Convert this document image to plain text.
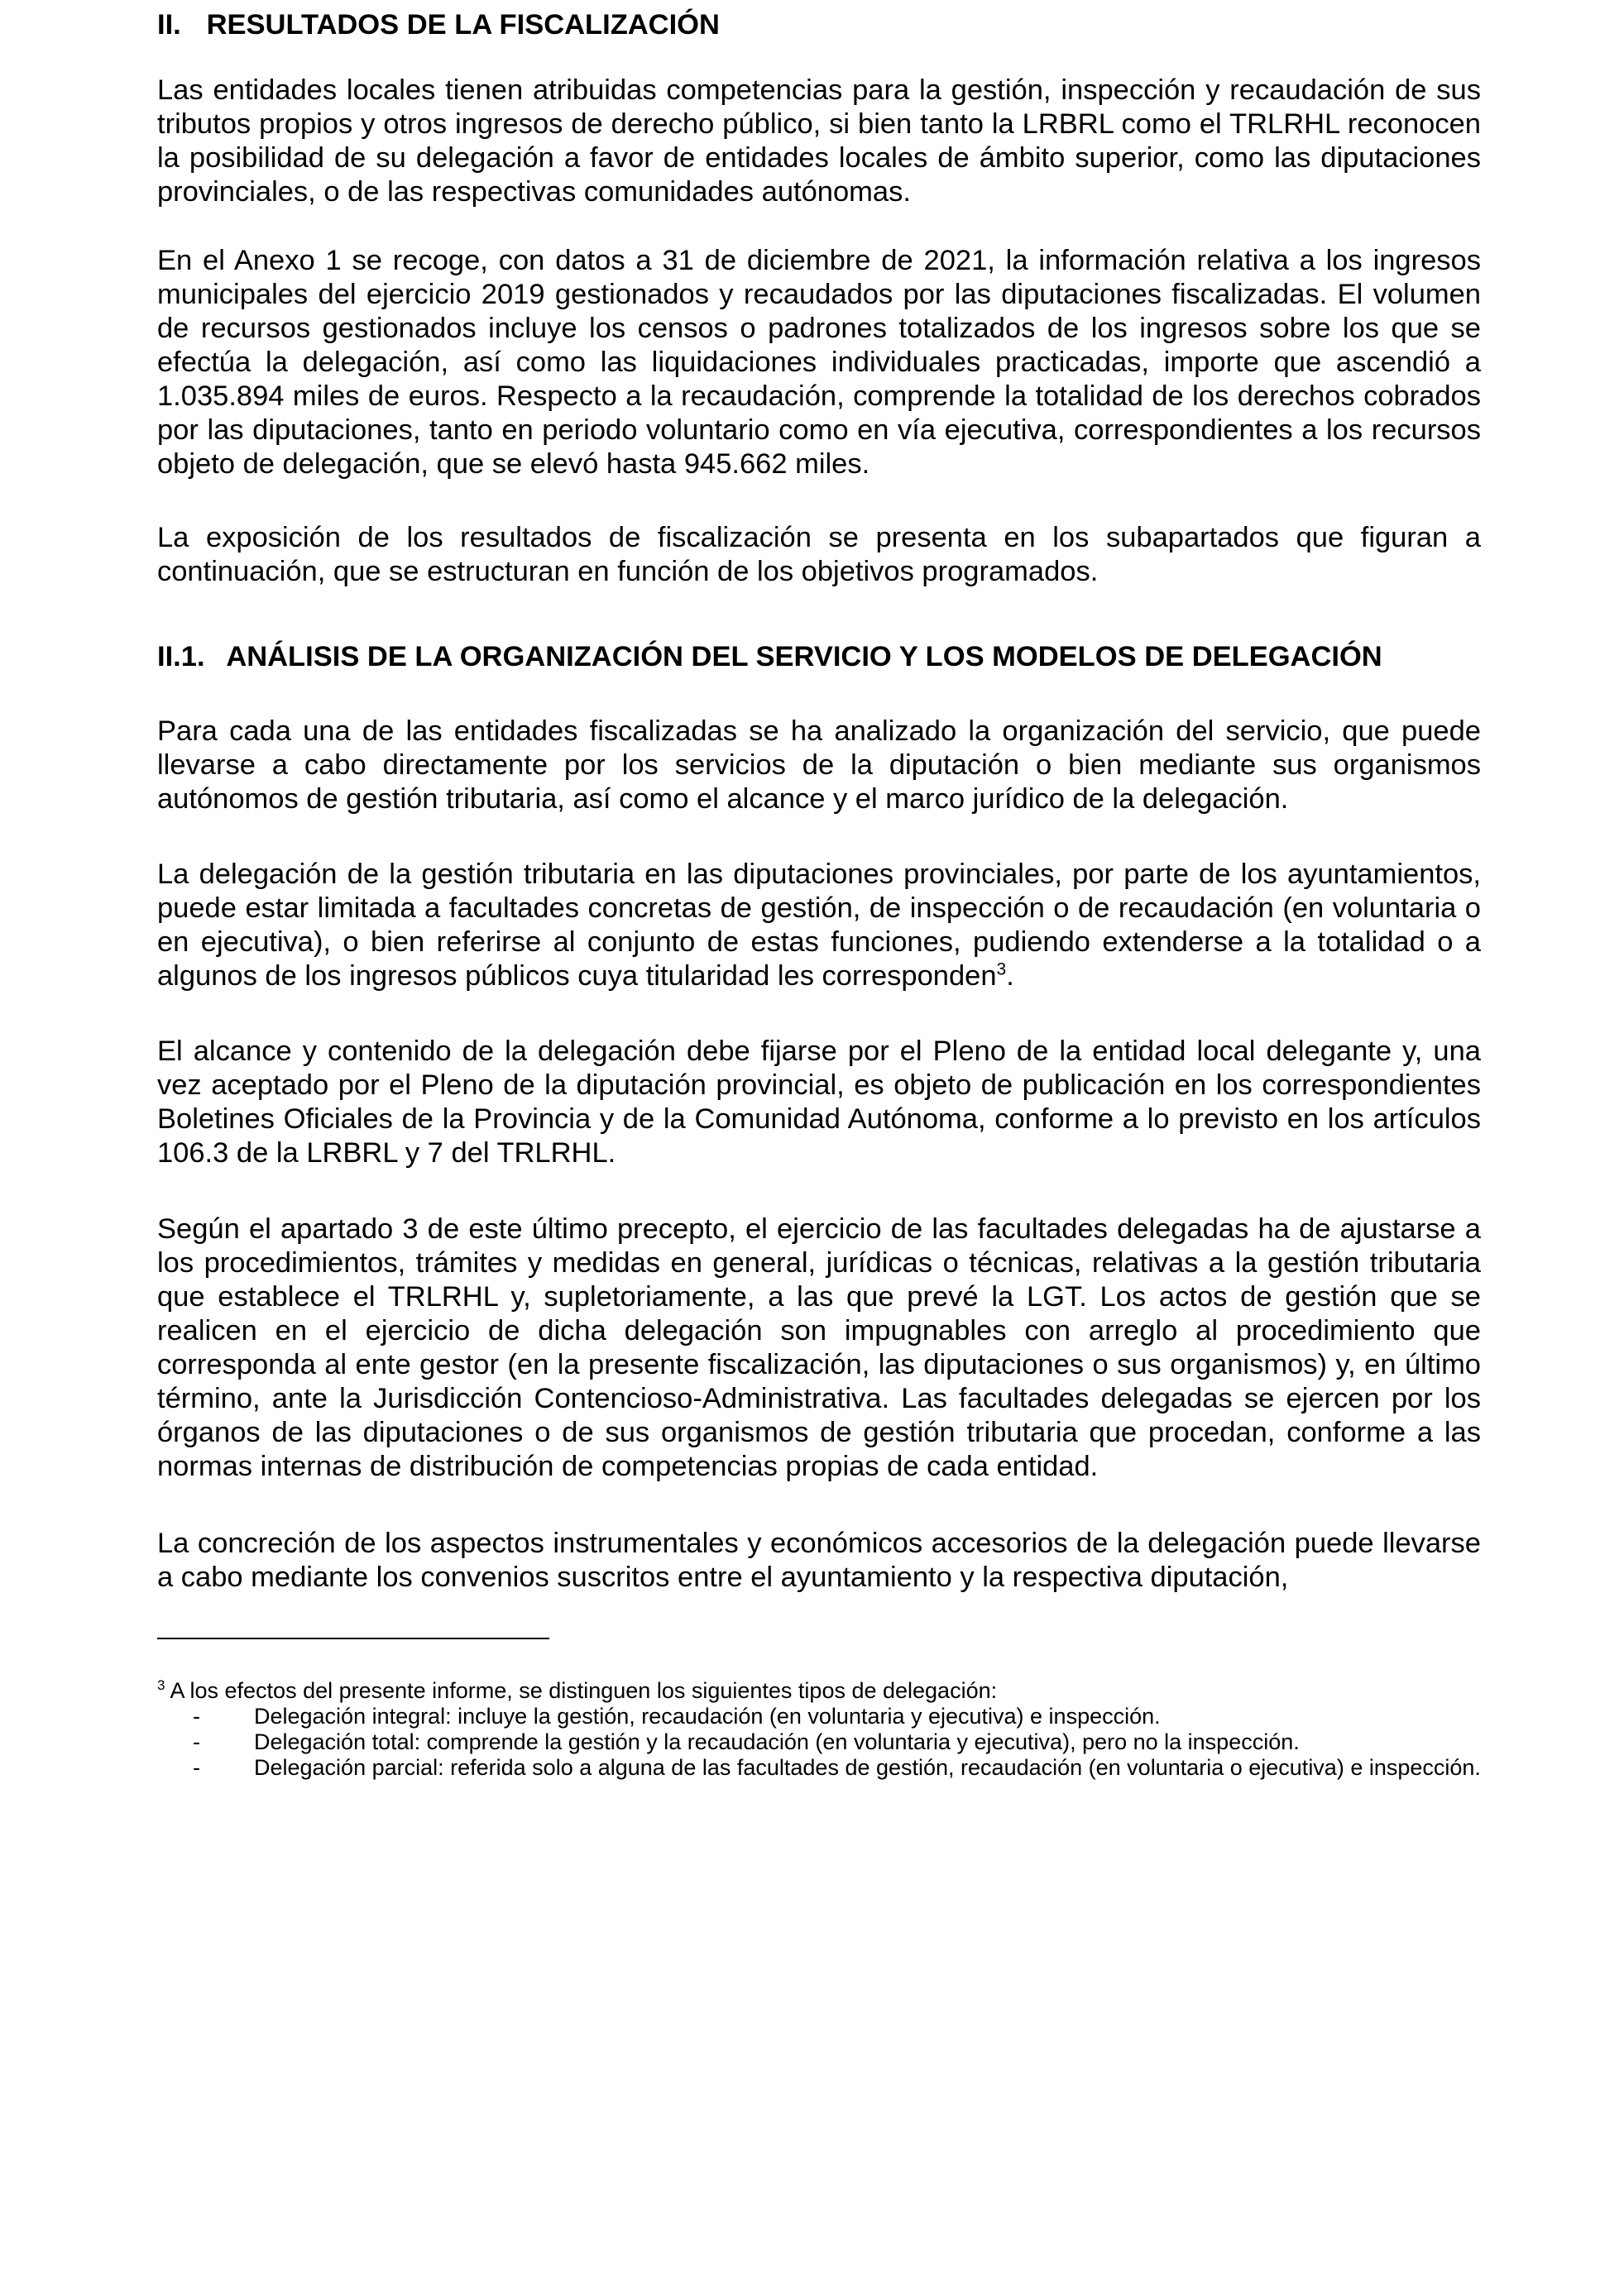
II. RESULTADOS DE LA FISCALIZACIÓN

Las entidades locales tienen atribuidas competencias para la gestión, inspección y recaudación de sus tributos propios y otros ingresos de derecho público, si bien tanto la LRBRL como el TRLRHL reconocen la posibilidad de su delegación a favor de entidades locales de ámbito superior, como las diputaciones provinciales, o de las respectivas comunidades autónomas.

En el Anexo 1 se recoge, con datos a 31 de diciembre de 2021, la información relativa a los ingresos municipales del ejercicio 2019 gestionados y recaudados por las diputaciones fiscalizadas. El volumen de recursos gestionados incluye los censos o padrones totalizados de los ingresos sobre los que se efectúa la delegación, así como las liquidaciones individuales practicadas, importe que ascendió a 1.035.894 miles de euros. Respecto a la recaudación, comprende la totalidad de los derechos cobrados por las diputaciones, tanto en periodo voluntario como en vía ejecutiva, correspondientes a los recursos objeto de delegación, que se elevó hasta 945.662 miles.

La exposición de los resultados de fiscalización se presenta en los subapartados que figuran a continuación, que se estructuran en función de los objetivos programados.

II.1. ANÁLISIS DE LA ORGANIZACIÓN DEL SERVICIO Y LOS MODELOS DE DELEGACIÓN

Para cada una de las entidades fiscalizadas se ha analizado la organización del servicio, que puede llevarse a cabo directamente por los servicios de la diputación o bien mediante sus organismos autónomos de gestión tributaria, así como el alcance y el marco jurídico de la delegación.

La delegación de la gestión tributaria en las diputaciones provinciales, por parte de los ayuntamientos, puede estar limitada a facultades concretas de gestión, de inspección o de recaudación (en voluntaria o en ejecutiva), o bien referirse al conjunto de estas funciones, pudiendo extenderse a la totalidad o a algunos de los ingresos públicos cuya titularidad les corresponden$^3$.

El alcance y contenido de la delegación debe fijarse por el Pleno de la entidad local delegante y, una vez aceptado por el Pleno de la diputación provincial, es objeto de publicación en los correspondientes Boletines Oficiales de la Provincia y de la Comunidad Autónoma, conforme a lo previsto en los artículos 106.3 de la LRBRL y 7 del TRLRHL.

Según el apartado 3 de este último precepto, el ejercicio de las facultades delegadas ha de ajustarse a los procedimientos, trámites y medidas en general, jurídicas o técnicas, relativas a la gestión tributaria que establece el TRLRHL y, supletoriamente, a las que prevé la LGT. Los actos de gestión que se realicen en el ejercicio de dicha delegación son impugnables con arreglo al procedimiento que corresponda al ente gestor (en la presente fiscalización, las diputaciones o sus organismos) y, en último término, ante la Jurisdicción Contencioso-Administrativa. Las facultades delegadas se ejercen por los órganos de las diputaciones o de sus organismos de gestión tributaria que procedan, conforme a las normas internas de distribución de competencias propias de cada entidad.

La concreción de los aspectos instrumentales y económicos accesorios de la delegación puede llevarse a cabo mediante los convenios suscritos entre el ayuntamiento y la respectiva diputación,

$^3$ A los efectos del presente informe, se distinguen los siguientes tipos de delegación:
- Delegación integral: incluye la gestión, recaudación (en voluntaria y ejecutiva) e inspección.
- Delegación total: comprende la gestión y la recaudación (en voluntaria y ejecutiva), pero no la inspección.
- Delegación parcial: referida solo a alguna de las facultades de gestión, recaudación (en voluntaria o ejecutiva) e inspección.
